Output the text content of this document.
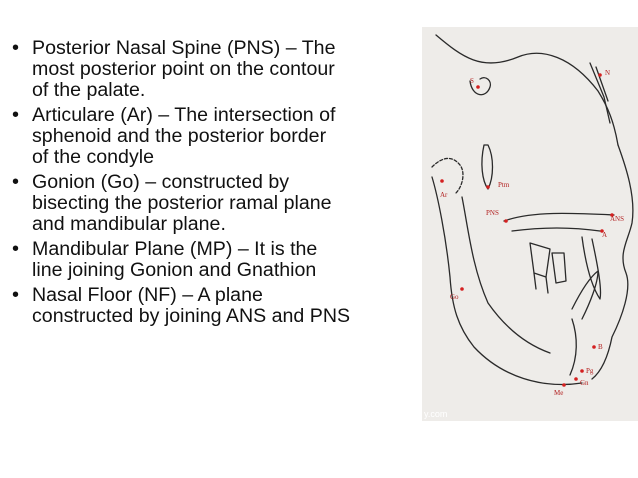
• Posterior Nasal Spine (PNS) – The
most posterior point on the contour
of the palate.
• Articulare (Ar) – The intersection of
sphenoid and the posterior border
of the condyle
• Gonion (Go) – constructed by
bisecting the posterior ramal plane
and mandibular plane.
• Mandibular Plane (MP) – It is the
line joining Gonion and Gnathion
• Nasal Floor (NF) – A plane
constructed by joining ANS and PNS
S
N
Ar
Ptm
PNS
ANS
A
Go
B
Pg
Gn
Me
y.com
